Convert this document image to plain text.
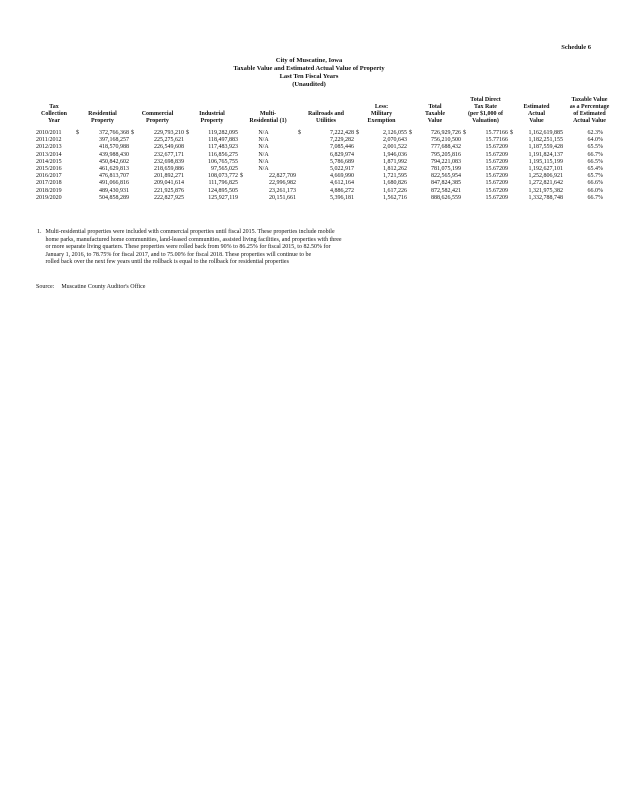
Schedule 6
City of Muscatine, Iowa
Taxable Value and Estimated Actual Value of Property
Last Ten Fiscal Years
(Unaudited)
Tax
Collection
Year

Residential
Property

Commercial
Property

Industrial
Property

Multi-
Residential (1)

Railroads and
Utilities

Less:
Military
Exemption

Total
Taxable
Value

Total Direct
Tax Rate
(per $1,000 of
Valuation)

Estimated
Actual
Value

Taxable Value
as a Percentage
of Estimated
Actual Value

2010/2011	$ 372,766,368	$ 229,793,210	$ 119,282,095	N/A	$ 7,222,428	$ 2,126,055	$ 726,929,726	$ 15.77166	$ 1,162,619,885	62.3%
2011/2012	397,168,257	225,275,621	118,497,883	N/A	7,229,282	2,070,643	756,210,500	15.77166	1,182,251,155	64.0%
2012/2013	418,570,988	226,549,608	117,483,923	N/A	7,085,446	2,001,522	777,688,432	15.67209	1,187,559,428	65.5%
2013/2014	439,988,430	232,677,171	116,856,275	N/A	6,829,974	1,946,036	795,205,816	15.67209	1,191,824,137	66.7%
2014/2015	450,842,602	232,698,839	106,765,755	N/A	5,786,689	1,871,992	794,221,083	15.67209	1,195,115,199	66.5%
2015/2016	461,629,813	218,659,886	97,565,025	N/A	5,022,917	1,812,262	781,075,199	15.67209	1,192,627,101	65.4%
2016/2017	476,813,707	201,892,271	108,073,772	$ 22,827,709	4,669,990	1,721,595	822,565,954	15.67209	1,252,806,921	65.7%
2017/2018	491,066,816	209,041,614	111,796,825	22,996,982	4,612,164	1,680,826	847,824,385	15.67209	1,272,821,642	66.6%
2018/2019	489,430,931	221,925,876	124,895,505	23,261,173	4,886,272	1,617,226	872,582,421	15.67209	1,321,975,382	66.0%
2019/2020	504,858,289	222,827,925	125,927,119	20,151,661	5,396,181	1,562,716	888,626,559	15.67209	1,332,788,748	66.7%
1. Multi-residential properties were included with commercial properties until fiscal 2015. These properties include mobile
home parks, manufactured home communities, land-leased communities, assisted living facilities, and properties with three
or more separate living quarters. These properties were rolled back from 90% to 86.25% for fiscal 2015, to 82.50% for
January 1, 2016, to 78.75% for fiscal 2017, and to 75.00% for fiscal 2018. These properties will continue to be
rolled back over the next few years until the rollback is equal to the rollback for residential properties
Source: Muscatine County Auditor's Office
